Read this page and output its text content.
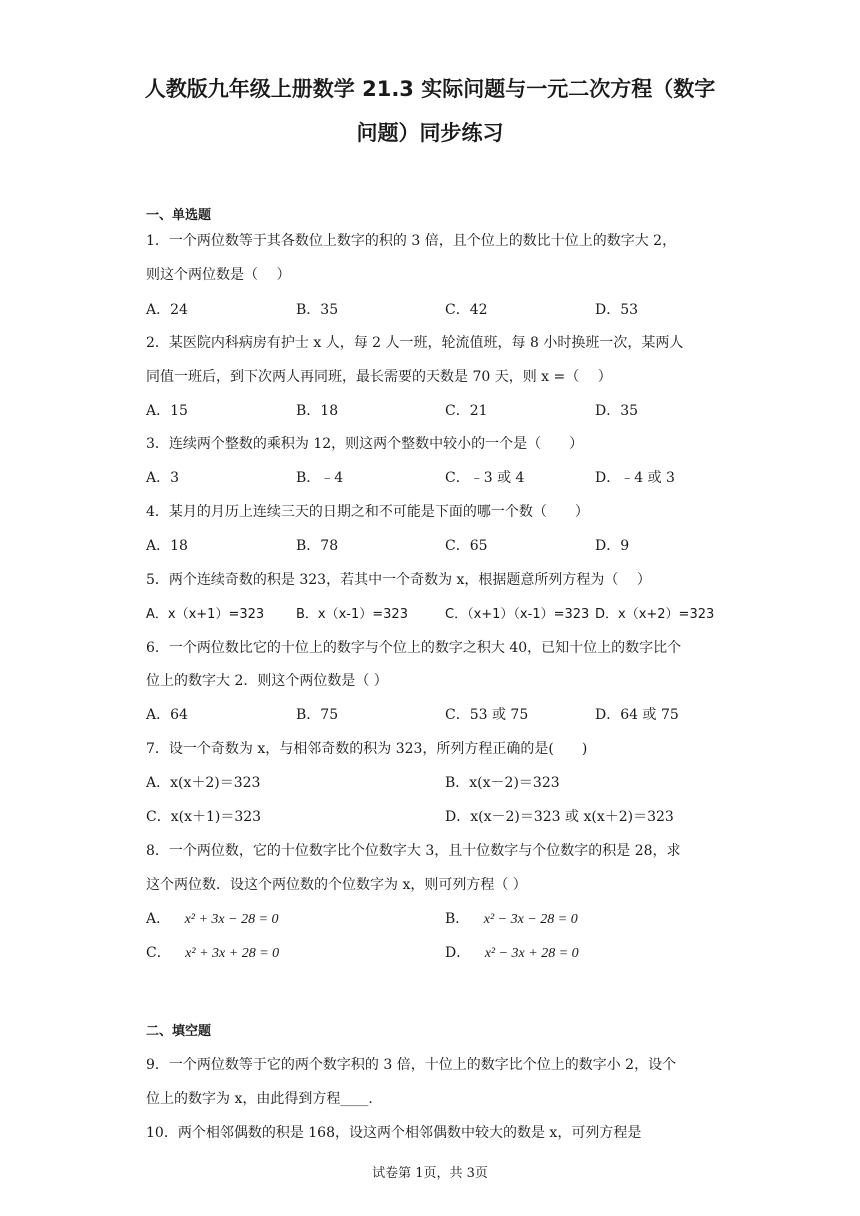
人教版九年级上册数学 21.3 实际问题与一元二次方程（数字
问题）同步练习
一、单选题
1．一个两位数等于其各数位上数字的积的 3 倍，且个位上的数比十位上的数字大 2，
则这个两位数是（　 ）
A．24	B．35	C．42	D．53
2．某医院内科病房有护士 x 人，每 2 人一班，轮流值班，每 8 小时换班一次，某两人
同值一班后，到下次两人再同班，最长需要的天数是 70 天，则 x =（　 ）
A．15	B．18	C．21	D．35
3．连续两个整数的乘积为 12，则这两个整数中较小的一个是（　　）
A．3	B．﹣4	C．﹣3 或 4	D．﹣4 或 3
4．某月的月历上连续三天的日期之和不可能是下面的哪一个数（　　）
A．18	B．78	C．65	D．9
5．两个连续奇数的积是 323，若其中一个奇数为 x，根据题意所列方程为（　 ）
A．x（x+1）=323 B．x（x-1）=323	C．（x+1）（x-1）=323 D．x（x+2）=323
6．一个两位数比它的十位上的数字与个位上的数字之积大 40，已知十位上的数字比个
位上的数字大 2．则这个两位数是（ ）
A．64	B．75	C．53 或 75	D．64 或 75
7．设一个奇数为 x，与相邻奇数的积为 323，所列方程正确的是(　　)
A．x(x＋2)＝323	B．x(x－2)＝323
C．x(x＋1)＝323	D．x(x－2)＝323 或 x(x＋2)＝323
8．一个两位数，它的十位数字比个位数字大 3，且十位数字与个位数字的积是 28，求
这个两位数．设这个两位数的个位数字为 x，则可列方程（ ）
A． x² + 3x − 28 = 0	B． x² − 3x − 28 = 0
C． x² + 3x + 28 = 0	D． x² − 3x + 28 = 0
二、填空题
9．一个两位数等于它的两个数字积的 3 倍，十位上的数字比个位上的数字小 2，设个
位上的数字为 x，由此得到方程____.
10．两个相邻偶数的积是 168，设这两个相邻偶数中较大的数是 x，可列方程是
试卷第 1页，共 3页
